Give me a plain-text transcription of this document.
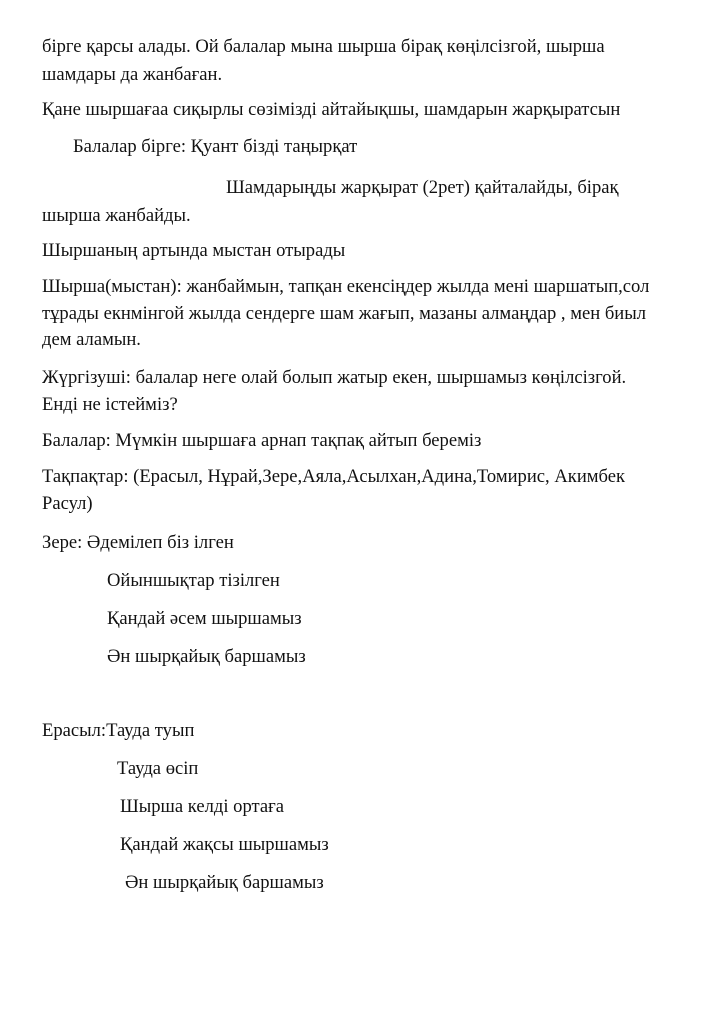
бірге қарсы алады. Ой балалар мына шырша бірақ көңілсізгой, шырша
шамдары да жанбаған.
Қане шыршағаа сиқырлы сөзімізді айтайықшы, шамдарын жарқыратсын
Балалар бірге: Қуант бізді таңырқат
Шамдарыңды жарқырат (2рет) қайталайды, бірақ
шырша жанбайды.
Шыршаның артында мыстан отырады
Шырша(мыстан): жанбаймын, тапқан екенсіңдер жылда мені шаршатып,сол
тұрады екнмінгой жылда сендерге шам жағып, мазаны алмаңдар , мен биыл
дем аламын.
Жүргізуші: балалар неге олай болып жатыр екен, шыршамыз көңілсізгой.
Енді не істейміз?
Балалар: Мүмкін шыршаға арнап тақпақ айтып береміз
Тақпақтар: (Ерасыл, Нұрай,Зере,Аяла,Асылхан,Адина,Томирис, Акимбек
Расул)
Зере: Әдемілеп біз ілген
Ойыншықтар тізілген
Қандай әсем шыршамыз
Ән шырқайық баршамыз
Ерасыл:Тауда туып
Тауда өсіп
Шырша келді ортаға
Қандай жақсы шыршамыз
Ән шырқайық баршамыз
